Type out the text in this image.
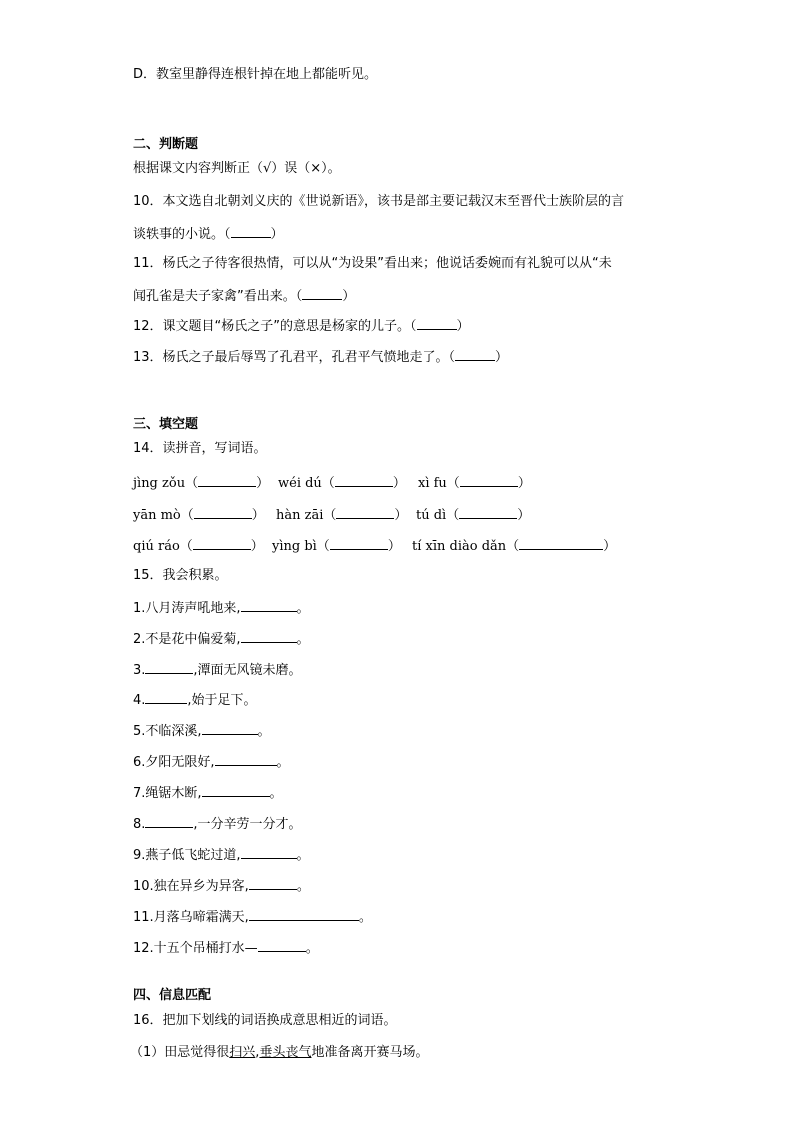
D．教室里静得连根针掉在地上都能听见。
二、判断题
根据课文内容判断正（√）误（×）。
10．本文选自北朝刘义庆的《世说新语》，该书是部主要记载汉末至晋代士族阶层的言
谈轶事的小说。（	）
11．杨氏之子待客很热情，可以从“为设果”看出来；他说话委婉而有礼貌可以从“未
闻孔雀是夫子家禽”看出来。（	）
12．课文题目“杨氏之子”的意思是杨家的儿子。（	）
13．杨氏之子最后辱骂了孔君平，孔君平气愤地走了。（	）
三、填空题
14．读拼音，写词语。
jìng zǒu（	） wéi dú（	） xì fu（	）
yān mò（	） hàn zāi（	） tú dì（	）
qiú ráo（	） yìng bì（	） tí xīn diào dǎn（	）
15．我会积累。
1.八月涛声吼地来,	。
2.不是花中偏爱菊,	。
3.	,潭面无风镜未磨。
4.	,始于足下。
5.不临深溪,	。
6.夕阳无限好,	。
7.绳锯木断,	。
8.	,一分辛劳一分才。
9.燕子低飞蛇过道,	。
10.独在异乡为异客,	。
11.月落乌啼霜满天,	。
12.十五个吊桶打水—	。
四、信息匹配
16．把加下划线的词语换成意思相近的词语。
（1）田忌觉得很扫兴,垂头丧气地准备离开赛马场。
